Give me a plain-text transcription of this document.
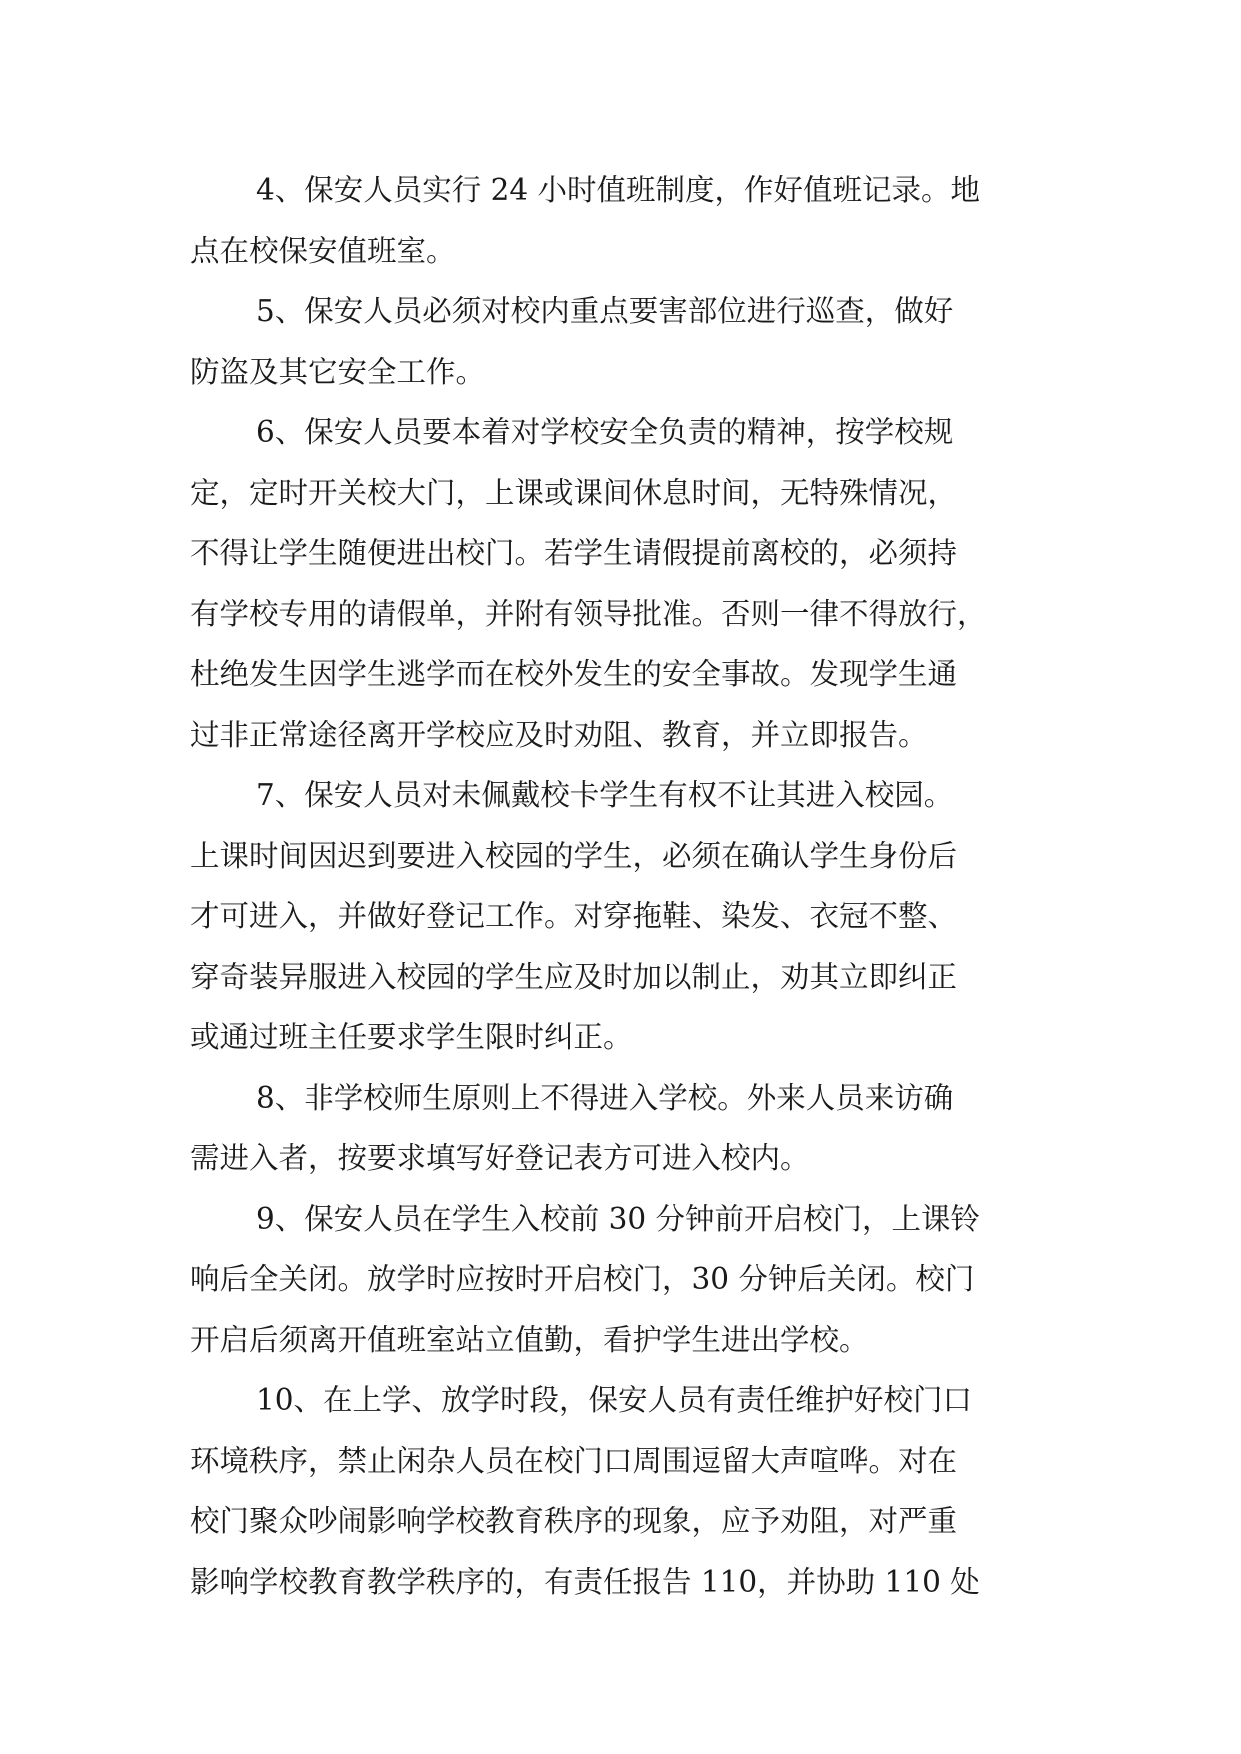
4、保安人员实行 24 小时值班制度，作好值班记录。地
点在校保安值班室。
5、保安人员必须对校内重点要害部位进行巡查，做好
防盗及其它安全工作。
6、保安人员要本着对学校安全负责的精神，按学校规
定，定时开关校大门，上课或课间休息时间，无特殊情况，
不得让学生随便进出校门。若学生请假提前离校的，必须持
有学校专用的请假单，并附有领导批准。否则一律不得放行，
杜绝发生因学生逃学而在校外发生的安全事故。发现学生通
过非正常途径离开学校应及时劝阻、教育，并立即报告。
7、保安人员对未佩戴校卡学生有权不让其进入校园。
上课时间因迟到要进入校园的学生，必须在确认学生身份后
才可进入，并做好登记工作。对穿拖鞋、染发、衣冠不整、
穿奇装异服进入校园的学生应及时加以制止，劝其立即纠正
或通过班主任要求学生限时纠正。
8、非学校师生原则上不得进入学校。外来人员来访确
需进入者，按要求填写好登记表方可进入校内。
9、保安人员在学生入校前 30 分钟前开启校门，上课铃
响后全关闭。放学时应按时开启校门，30 分钟后关闭。校门
开启后须离开值班室站立值勤，看护学生进出学校。
10、在上学、放学时段，保安人员有责任维护好校门口
环境秩序，禁止闲杂人员在校门口周围逗留大声喧哗。对在
校门聚众吵闹影响学校教育秩序的现象，应予劝阻，对严重
影响学校教育教学秩序的，有责任报告 110，并协助 110 处
